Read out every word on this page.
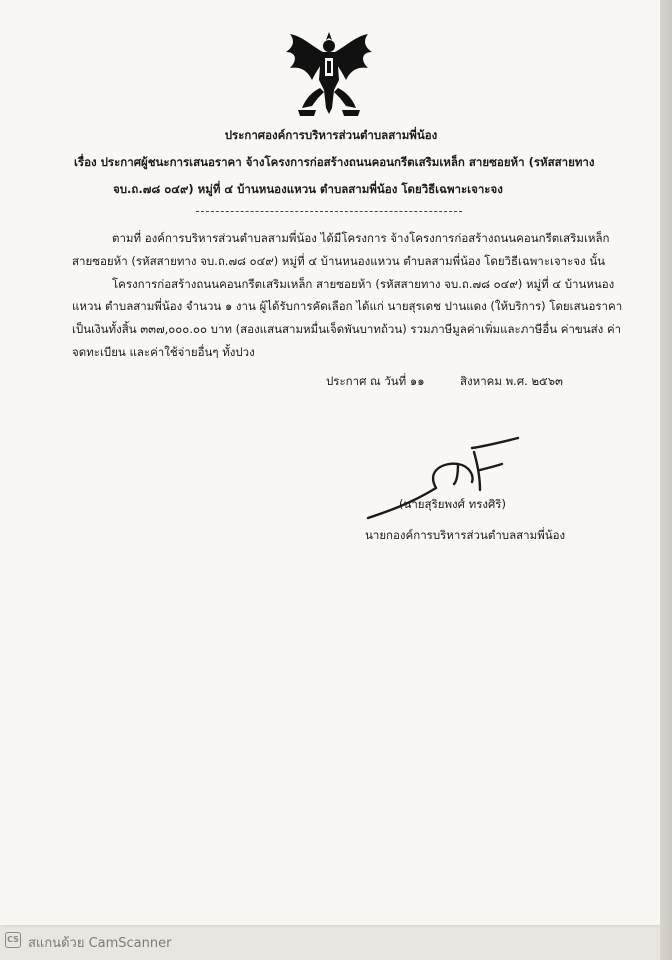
ประกาศองค์การบริหารส่วนตำบลสามพี่น้อง
เรื่อง ประกาศผู้ชนะการเสนอราคา จ้างโครงการก่อสร้างถนนคอนกรีตเสริมเหล็ก สายซอยห้า (รหัสสายทาง
จบ.ถ.๗๘ ๐๔๙) หมู่ที่ ๔ บ้านหนองแหวน ตำบลสามพี่น้อง โดยวิธีเฉพาะเจาะจง
ตามที่ องค์การบริหารส่วนตำบลสามพี่น้อง ได้มีโครงการ จ้างโครงการก่อสร้างถนนคอนกรีตเสริมเหล็ก
สายซอยห้า (รหัสสายทาง จบ.ถ.๗๘ ๐๔๙) หมู่ที่ ๔ บ้านหนองแหวน ตำบลสามพี่น้อง โดยวิธีเฉพาะเจาะจง นั้น
โครงการก่อสร้างถนนคอนกรีตเสริมเหล็ก สายซอยห้า (รหัสสายทาง จบ.ถ.๗๘ ๐๔๙) หมู่ที่ ๔ บ้านหนอง
แหวน ตำบลสามพี่น้อง จำนวน ๑ งาน ผู้ได้รับการคัดเลือก ได้แก่ นายสุรเดช ปานแดง (ให้บริการ) โดยเสนอราคา
เป็นเงินทั้งสิ้น ๓๓๗,๐๐๐.๐๐ บาท (สองแสนสามหมื่นเจ็ดพันบาทถ้วน) รวมภาษีมูลค่าเพิ่มและภาษีอื่น ค่าขนส่ง ค่า
จดทะเบียน และค่าใช้จ่ายอื่นๆ ทั้งปวง
ประกาศ ณ วันที่ ๑๑	สิงหาคม พ.ศ. ๒๕๖๓
(นายสุริยพงศ์ ทรงศิริ)
นายกองค์การบริหารส่วนตำบลสามพี่น้อง
CS สแกนด้วย CamScanner
